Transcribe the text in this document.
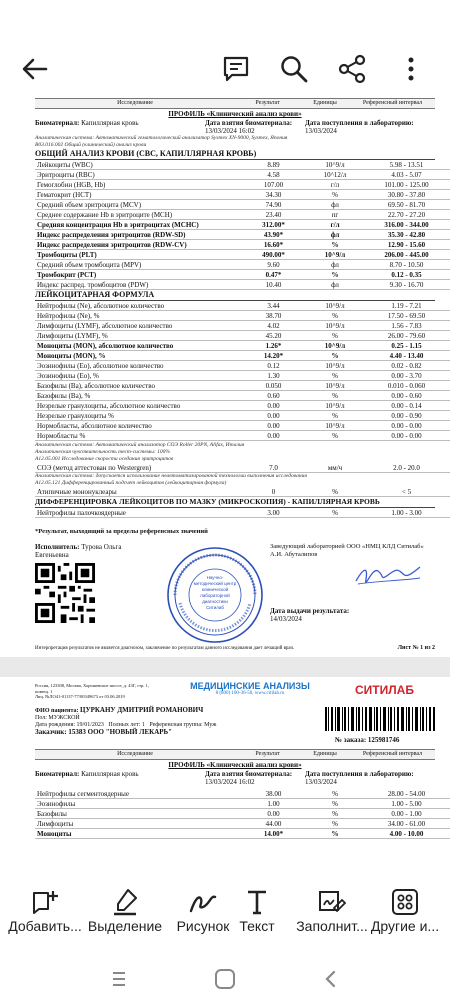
Исследование	Результат	Единицы	Референсный интервал
ПРОФИЛЬ «Клинический анализ крови»
Биоматериал: Капиллярная кровь	Дата взятия биоматериала:
13/03/2024 16:02
Дата поступления в лабораторию:
13/03/2024
Аналитическая система: Автоматический гематологический анализатор Sysmex XN-9000, Sysmex, Япония
B03.016.002 Общий (клинический) анализ крови
ОБЩИЙ АНАЛИЗ КРОВИ (CBC, КАПИЛЛЯРНАЯ КРОВЬ)
Лейкоциты (WBC)	8.89	10^9/л	5.98 - 13.51
Эритроциты (RBC)	4.58	10^12/л	4.03 - 5.07
Гемоглобин (HGB, Hb)	107.00	г/л	101.00 - 125.00
Гематокрит (HCT)	34.30	%	30.80 - 37.80
Средний объем эритроцита (MCV)	74.90	фл	69.50 - 81.70
Среднее содержание Hb в эритроците (MCH)	23.40	пг	22.70 - 27.20
Средняя концентрация Hb в эритроцитах (MCHC)	312.00*	г/л	316.00 - 344.00
Индекс распределения эритроцитов (RDW-SD)	43.90*	фл	35.30 - 42.80
Индекс распределения эритроцитов (RDW-CV)	16.60*	%	12.90 - 15.60
Тромбоциты (PLT)	490.00*	10^9/л	206.00 - 445.00
Средний объем тромбоцита (MPV)	9.60	фл	8.70 - 10.50
Тромбокрит (PCT)	0.47*	%	0.12 - 0.35
Индекс распред. тромбоцитов (PDW)	10.40	фл	9.30 - 16.70
ЛЕЙКОЦИТАРНАЯ ФОРМУЛА
Нейтрофилы (Ne), абсолютное количество	3.44	10^9/л	1.19 - 7.21
Нейтрофилы (Ne), %	38.70	%	17.50 - 69.50
Лимфоциты (LYMF), абсолютное количество	4.02	10^9/л	1.56 - 7.83
Лимфоциты (LYMF), %	45.20	%	26.00 - 79.60
Моноциты (MON), абсолютное количество	1.26*	10^9/л	0.25 - 1.15
Моноциты (MON), %	14.20*	%	4.40 - 13.40
Эозинофилы (Eo), абсолютное количество	0.12	10^9/л	0.02 - 0.82
Эозинофилы (Eo), %	1.30	%	0.00 - 3.70
Базофилы (Ba), абсолютное количество	0.050	10^9/л	0.010 - 0.060
Базофилы (Ba), %	0.60	%	0.00 - 0.60
Незрелые гранулоциты, абсолютное количество	0.00	10^9/л	0.00 - 0.14
Незрелые гранулоциты %	0.00	%	0.00 - 0.90
Нормобласты, абсолютное количество	0.00	10^9/л	0.00 - 0.00
Нормобласты %	0.00	%	0.00 - 0.00
Аналитическая система: Автоматический анализатор СОЭ Roller 20PN, Alifax, Италия
Аналитическая чувствительность тест-системы: 100%
A12.05.001 Исследование скорости оседания эритроцитов
СОЭ (метод аттестован по Westergren)	7.0	мм/ч	2.0 - 20.0
Аналитическая система: допускается использование неавтоматизированной технологии выполнения исследования
A12.05.121 Дифференцированный подсчет лейкоцитов (лейкоцитарная формула)
Атипичные мононуклеары	0	%	< 5
ДИФФЕРЕНЦИРОВКА ЛЕЙКОЦИТОВ ПО МАЗКУ (МИКРОСКОПИЯ) - КАПИЛЛЯРНАЯ КРОВЬ
Нейтрофилы палочкоядерные	3.00	%	1.00 - 3.00
*Результат, выходящий за пределы референсных значений
Исполнитель: Турова Ольга Евгеньевна
Научно-методический центр клинической лабораторной диагностики Ситилаб
Заведующий лабораторией ООО «НМЦ КЛД Ситилаб»
А.И. Абуталипов
Дата выдачи результата:
14/03/2024
Интерпретация результатов не является диагнозом, заключение по результатам данного исследования дает лечащий врач.	Лист № 1 из 2
Россия, 123308, Москва, Хорошевское шоссе, д. 43Г, стр. 1, помещ. 1
Лиц. №ЛО41-01137-77/00349673 от 03.06.2019
МЕДИЦИНСКИЕ АНАЛИЗЫ
8 (800) 100-36-50, www.citilab.ru	СИТИЛАБ
ФИО пациента: ЦУРКАНУ ДМИТРИЙ РОМАНОВИЧ
Пол: МУЖСКОЙ
Дата рождения: 19/01/2023 Полных лет: 1 Референсная группа: Муж
Заказчик: 15383 ООО "НОВЫЙ ЛЕКАРЬ"
№ заказа: 125981746
Исследование	Результат	Единицы	Референсный интервал
ПРОФИЛЬ «Клинический анализ крови»
Биоматериал: Капиллярная кровь	Дата взятия биоматериала:
13/03/2024 16:02
Дата поступления в лабораторию:
13/03/2024
Нейтрофилы сегментоядерные	38.00	%	28.00 - 54.00
Эозинофилы	1.00	%	1.00 - 5.00
Базофилы	0.00	%	0.00 - 1.00
Лимфоциты	44.00	%	34.00 - 61.00
Моноциты	14.00*	%	4.00 - 10.00
Добавить... Выделение	Рисунок Текст	Заполнит... Другие и...
